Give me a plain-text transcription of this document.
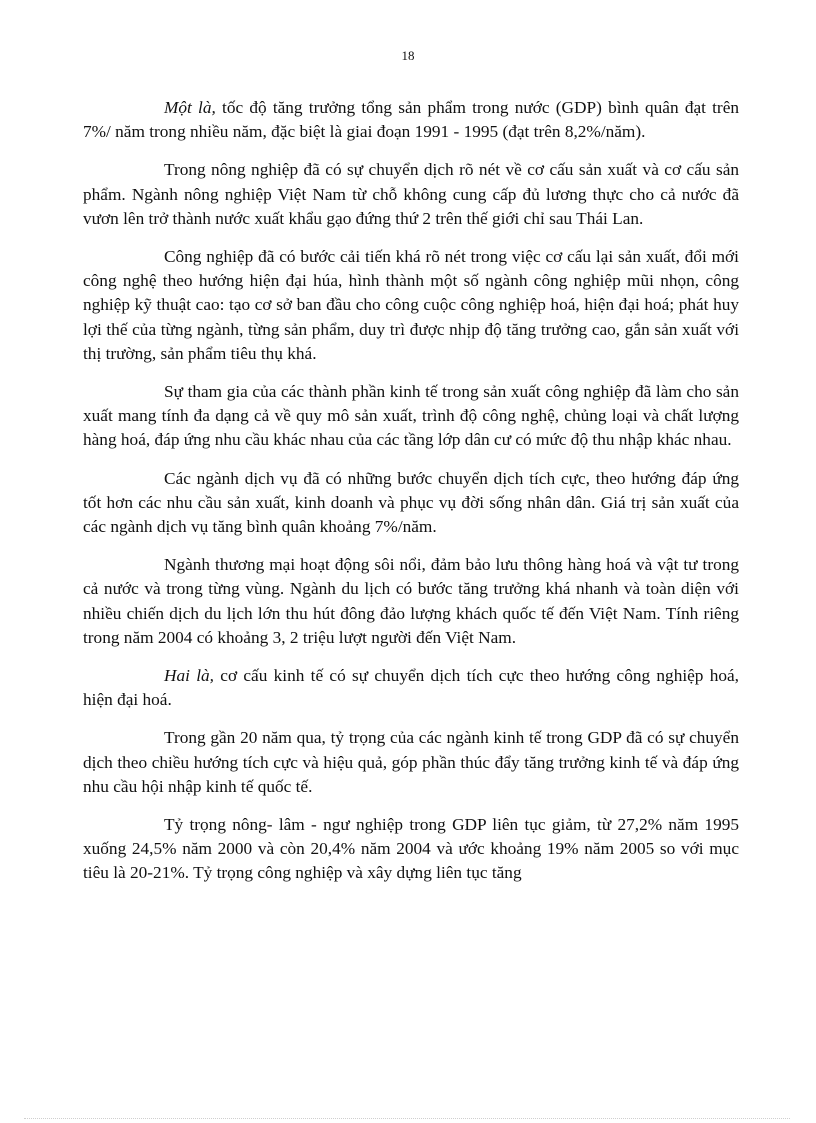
18

Một là, tốc độ tăng trưởng tổng sản phẩm trong nước (GDP) bình quân đạt trên 7%/ năm trong nhiều năm, đặc biệt là giai đoạn 1991 - 1995 (đạt trên 8,2%/năm).

Trong nông nghiệp đã có sự chuyển dịch rõ nét về cơ cấu sản xuất và cơ cấu sản phẩm. Ngành nông nghiệp Việt Nam từ chỗ không cung cấp đủ lương thực cho cả nước đã vươn lên trở thành nước xuất khẩu gạo đứng thứ 2 trên thế giới chỉ sau Thái Lan.

Công nghiệp đã có bước cải tiến khá rõ nét trong việc cơ cấu lại sản xuất, đổi mới công nghệ theo hướng hiện đại húa, hình thành một số ngành công nghiệp mũi nhọn, công nghiệp kỹ thuật cao: tạo cơ sở ban đầu cho công cuộc công nghiệp hoá, hiện đại hoá; phát huy lợi thế của từng ngành, từng sản phẩm, duy trì được nhịp độ tăng trưởng cao, gắn sản xuất với thị trường, sản phẩm tiêu thụ khá.

Sự tham gia của các thành phần kinh tế trong sản xuất công nghiệp đã làm cho sản xuất mang tính đa dạng cả về quy mô sản xuất, trình độ công nghệ, chủng loại và chất lượng hàng hoá, đáp ứng nhu cầu khác nhau của các tầng lớp dân cư có mức độ thu nhập khác nhau.

Các ngành dịch vụ đã có những bước chuyển dịch tích cực, theo hướng đáp ứng tốt hơn các nhu cầu sản xuất, kinh doanh và phục vụ đời sống nhân dân. Giá trị sản xuất của các ngành dịch vụ tăng bình quân khoảng 7%/năm.

Ngành thương mại hoạt động sôi nổi, đảm bảo lưu thông hàng hoá và vật tư trong cả nước và trong từng vùng. Ngành du lịch có bước tăng trưởng khá nhanh và toàn diện với nhiều chiến dịch du lịch lớn thu hút đông đảo lượng khách quốc tế đến Việt Nam. Tính riêng trong năm 2004 có khoảng 3, 2 triệu lượt người đến Việt Nam.

Hai là, cơ cấu kinh tế có sự chuyển dịch tích cực theo hướng công nghiệp hoá, hiện đại hoá.

Trong gần 20 năm qua, tỷ trọng của các ngành kinh tế trong GDP đã có sự chuyển dịch theo chiều hướng tích cực và hiệu quả, góp phần thúc đẩy tăng trưởng kinh tế và đáp ứng nhu cầu hội nhập kinh tế quốc tế.

Tỷ trọng nông- lâm - ngư nghiệp trong GDP liên tục giảm, từ 27,2% năm 1995 xuống 24,5% năm 2000 và còn 20,4% năm 2004 và ước khoảng 19% năm 2005 so với mục tiêu là 20-21%. Tỷ trọng công nghiệp và xây dựng liên tục tăng
